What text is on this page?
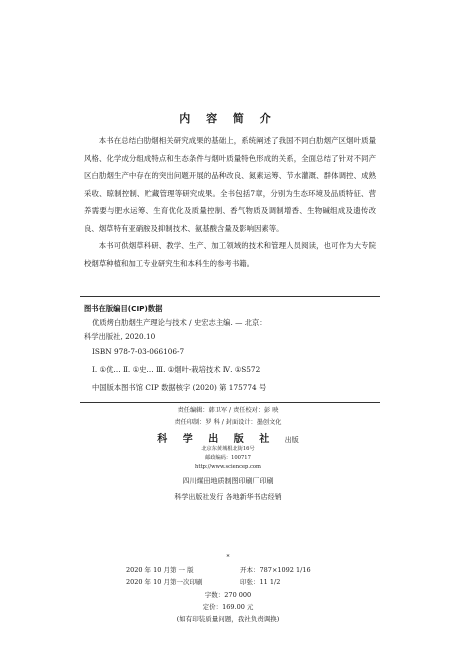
内 容 简 介

本书在总结白肋烟相关研究成果的基础上，系统阐述了我国不同白肋烟产区烟叶质量风格、化学成分组成特点和生态条件与烟叶质量特色形成的关系，全面总结了针对不同产区白肋烟生产中存在的突出问题开展的品种改良、氮素运筹、节水灌溉、群体调控、成熟采收、晾制控制、贮藏管理等研究成果。全书包括7章，分别为生态环境及品质特征、营养需要与肥水运筹、生育优化及质量控制、香气物质及调制增香、生物碱组成及遗传改良、烟草特有亚硝胺及抑制技术、氨基酸含量及影响因素等。

本书可供烟草科研、教学、生产、加工领域的技术和管理人员阅读，也可作为大专院校烟草种植和加工专业研究生和本科生的参考书籍。

图书在版编目(CIP)数据
优质烤白肋烟生产理论与技术 / 史宏志主编. — 北京：
科学出版社, 2020.10
ISBN 978-7-03-066106-7
Ⅰ. ①优… Ⅱ. ①史… Ⅲ. ①烟叶-栽培技术 Ⅳ. ①S572
中国版本图书馆 CIP 数据核字 (2020) 第 175774 号
责任编辑：韩卫军 / 责任校对：彭 映
责任印制：罗 科 / 封面设计：墨创文化
科 学 出 版 社 出版
北京东黄城根北街16号
邮政编码：100717
http://www.sciencep.com
四川煤田地质制图印刷厂印刷
科学出版社发行 各地新华书店经销
*
2020 年 10 月第 一 版	开本：787×1092 1/16
2020 年 10 月第一次印刷	印张：11 1/2
字数：270 000
定价：169.00 元
(如有印装质量问题，我社负责调换)
